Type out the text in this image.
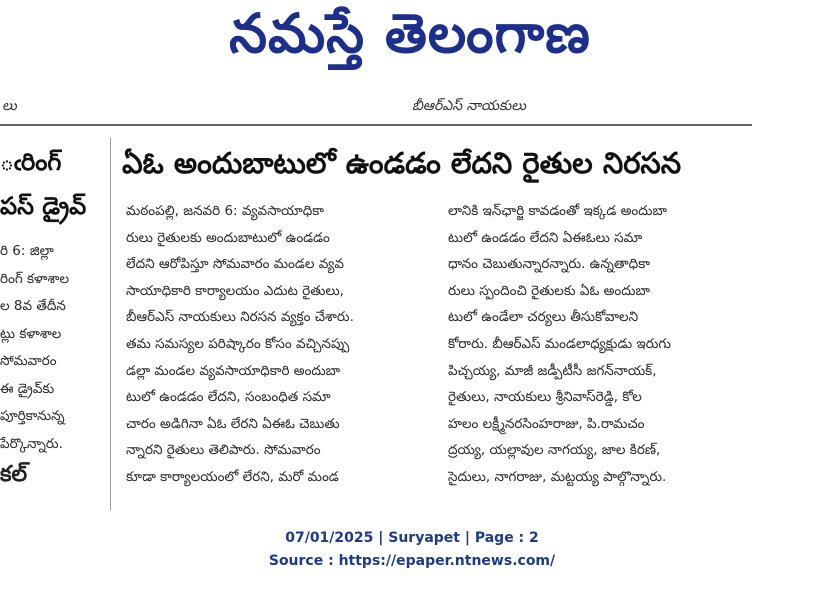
నమస్తే తెలంగాణ
లు	బీఆర్ఎస్ నాయకులు
ఁరింగ్
పస్ డ్రైవ్
రి 6: జిల్లా
రింగ్ కళాశాల
ల 8వ తేదీన
ట్లు కళాశాల
సోమవారం
ఈ డ్రైవ్‌కు
పూర్తికానున్న
పేర్కొన్నారు.
కల్
ఏఓ అందుబాటులో ఉండడం లేదని రైతుల నిరసన
మఠంపల్లి, జనవరి 6: వ్యవసాయాధికా
రులు రైతులకు అందుబాటులో ఉండడం
లేదని ఆరోపిస్తూ సోమవారం మండల వ్యవ
సాయాధికారి కార్యాలయం ఎదుట రైతులు,
బీఆర్ఎస్ నాయకులు నిరసన వ్యక్తం చేశారు.
తమ సమస్యల పరిష్కారం కోసం వచ్చినప్పు
డల్లా మండల వ్యవసాయాధికారి అందుబా
టులో ఉండడం లేదని, సంబంధిత సమా
చారం అడిగినా ఏఓ లేరని ఏఈఓ చెబుతు
న్నారని రైతులు తెలిపారు. సోమవారం
కూడా కార్యాలయంలో లేరని, మరో మండ
లానికి ఇన్‌ఛార్జి కావడంతో ఇక్కడ అందుబా
టులో ఉండడం లేదని ఏఈఓలు సమా
ధానం చెబుతున్నారన్నారు. ఉన్నతాధికా
రులు స్పందించి రైతులకు ఏఓ అందుబా
టులో ఉండేలా చర్యలు తీసుకోవాలని
కోరారు. బీఆర్ఎస్ మండలాధ్యక్షుడు ఇరుగు
పిచ్చయ్య, మాజీ జడ్పీటీసీ జగన్‌నాయక్,
రైతులు, నాయకులు శ్రీనివాస్‌రెడ్డి, కోల
హలం లక్ష్మీనరసింహరాజు, పి.రామచం
ద్రయ్య, యల్లావుల నాగయ్య, జాల కిరణ్,
సైదులు, నాగరాజు, మట్టయ్య పాల్గొన్నారు.
07/01/2025 | Suryapet | Page : 2
Source : https://epaper.ntnews.com/
